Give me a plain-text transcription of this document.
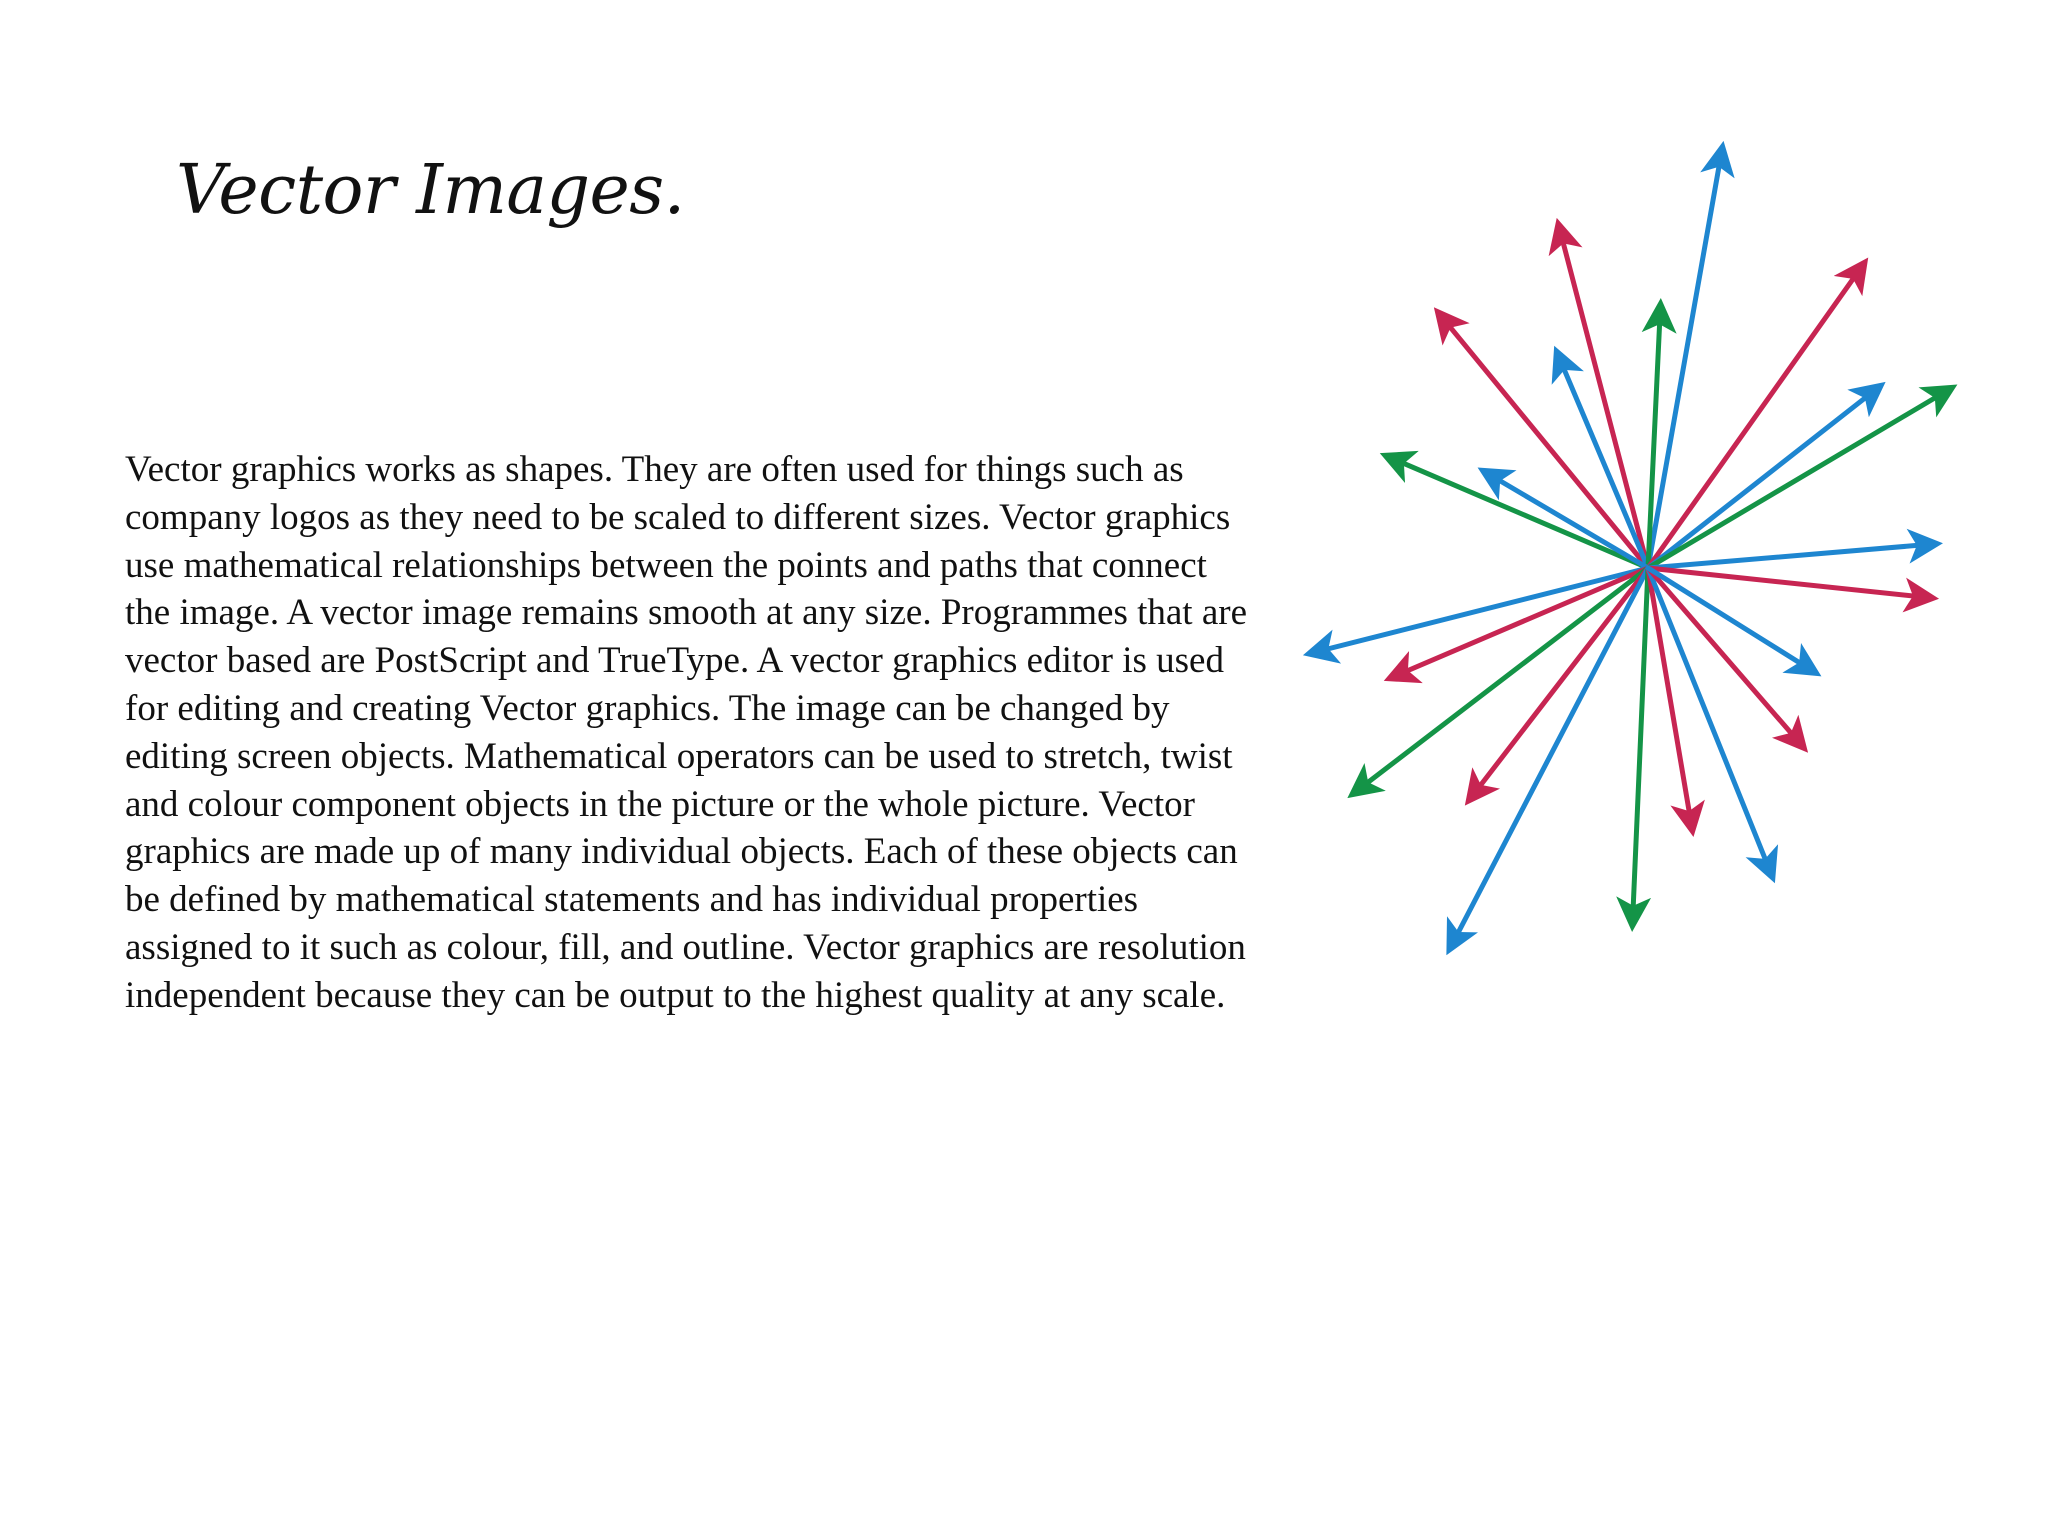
Vector Images.

Vector graphics works as shapes. They are often used for things such as company logos as they need to be scaled to different sizes. Vector graphics use mathematical relationships between the points and paths that connect the image. A vector image remains smooth at any size. Programmes that are vector based are PostScript and TrueType. A vector graphics editor is used for editing and creating Vector graphics. The image can be changed by editing screen objects. Mathematical operators can be used to stretch, twist and colour component objects in the picture or the whole picture. Vector graphics are made up of many individual objects. Each of these objects can be defined by mathematical statements and has individual properties assigned to it such as colour, fill, and outline. Vector graphics are resolution independent because they can be output to the highest quality at any scale.
